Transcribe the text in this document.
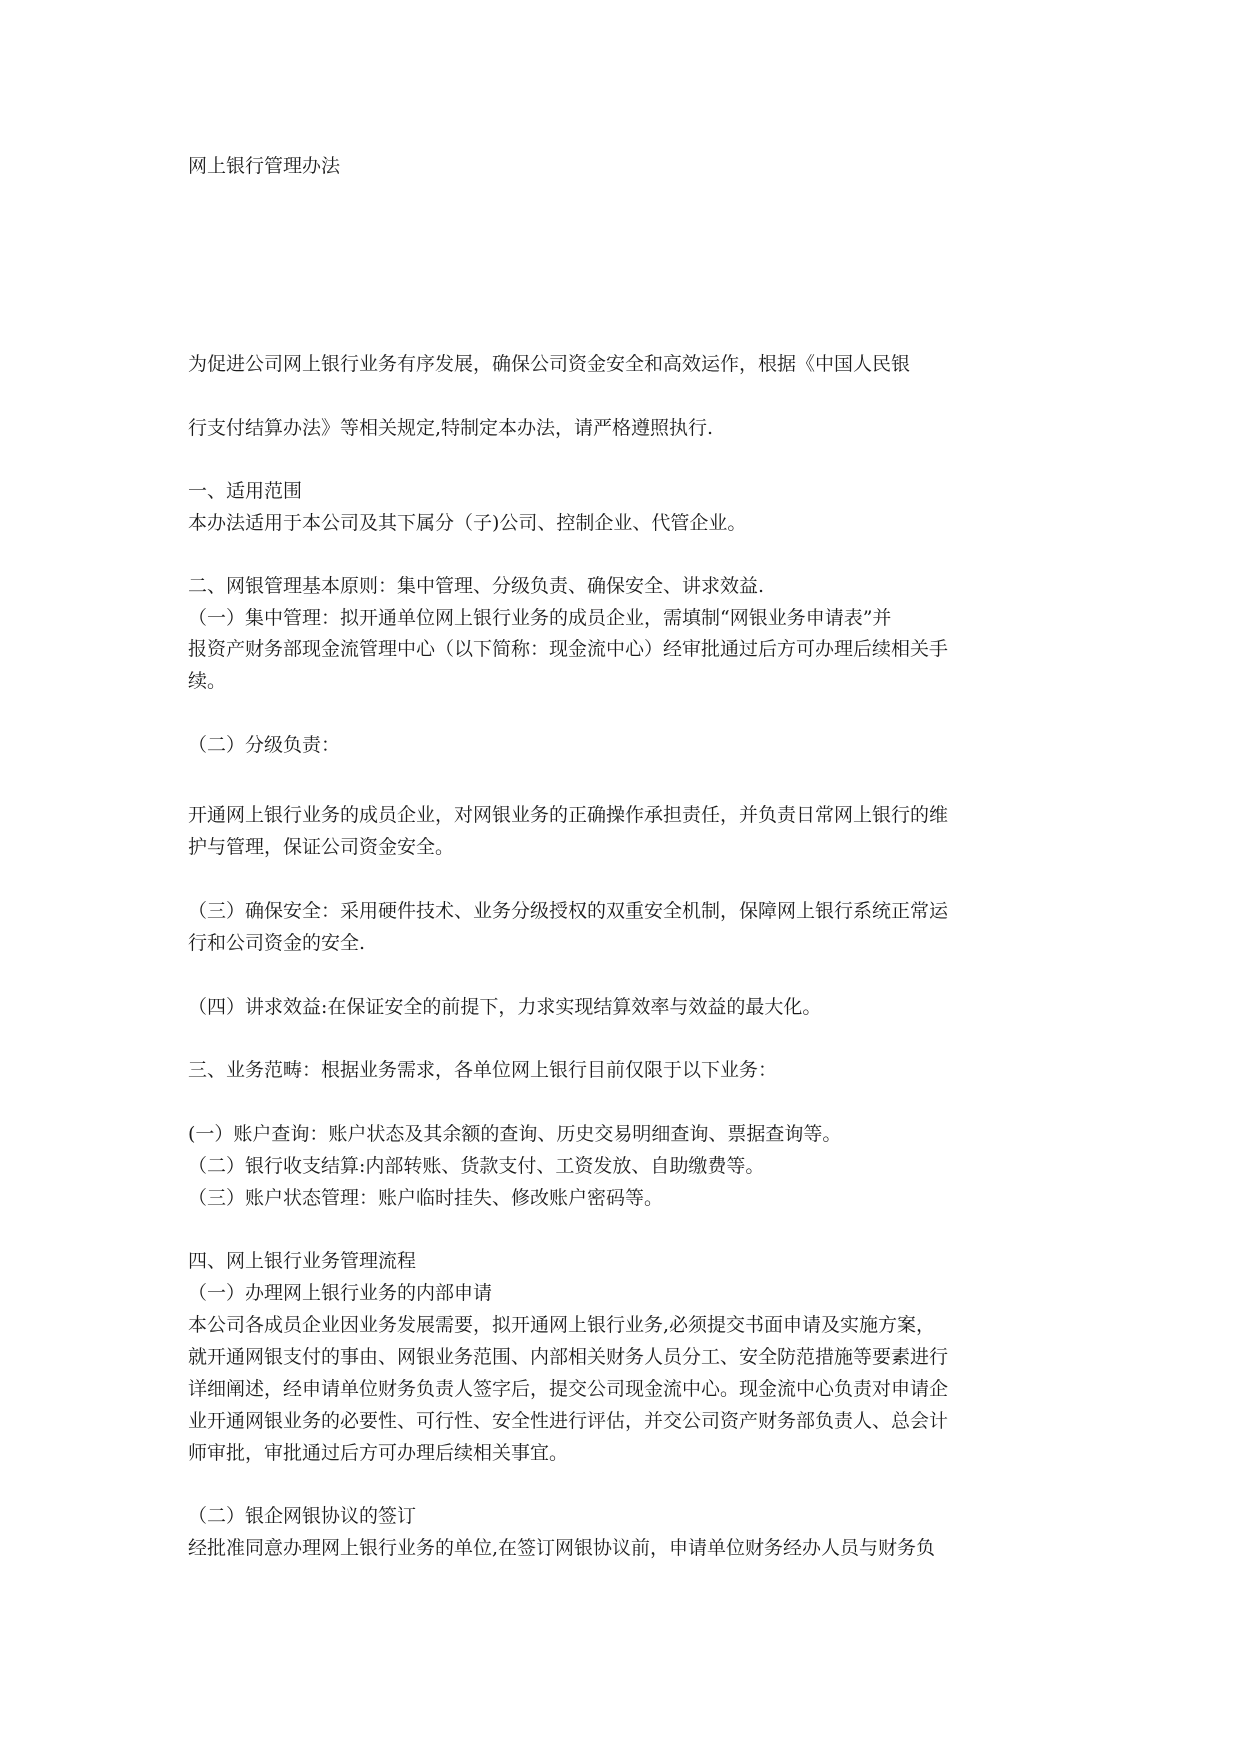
网上银行管理办法

为促进公司网上银行业务有序发展，确保公司资金安全和高效运作，根据《中国人民银

行支付结算办法》等相关规定,特制定本办法，请严格遵照执行.

一、适用范围

本办法适用于本公司及其下属分（子)公司、控制企业、代管企业。

二、网银管理基本原则：集中管理、分级负责、确保安全、讲求效益.

（一）集中管理：拟开通单位网上银行业务的成员企业，需填制“网银业务申请表”并

报资产财务部现金流管理中心（以下简称：现金流中心）经审批通过后方可办理后续相关手

续。

（二）分级负责：

开通网上银行业务的成员企业，对网银业务的正确操作承担责任，并负责日常网上银行的维

护与管理，保证公司资金安全。

（三）确保安全：采用硬件技术、业务分级授权的双重安全机制，保障网上银行系统正常运

行和公司资金的安全.

（四）讲求效益:在保证安全的前提下，力求实现结算效率与效益的最大化。

三、业务范畴：根据业务需求，各单位网上银行目前仅限于以下业务：

(一）账户查询：账户状态及其余额的查询、历史交易明细查询、票据查询等。

（二）银行收支结算:内部转账、货款支付、工资发放、自助缴费等。

（三）账户状态管理：账户临时挂失、修改账户密码等。

四、网上银行业务管理流程

（一）办理网上银行业务的内部申请

本公司各成员企业因业务发展需要，拟开通网上银行业务,必须提交书面申请及实施方案，

就开通网银支付的事由、网银业务范围、内部相关财务人员分工、安全防范措施等要素进行

详细阐述，经申请单位财务负责人签字后，提交公司现金流中心。现金流中心负责对申请企

业开通网银业务的必要性、可行性、安全性进行评估，并交公司资产财务部负责人、总会计

师审批，审批通过后方可办理后续相关事宜。

（二）银企网银协议的签订

经批准同意办理网上银行业务的单位,在签订网银协议前，申请单位财务经办人员与财务负
